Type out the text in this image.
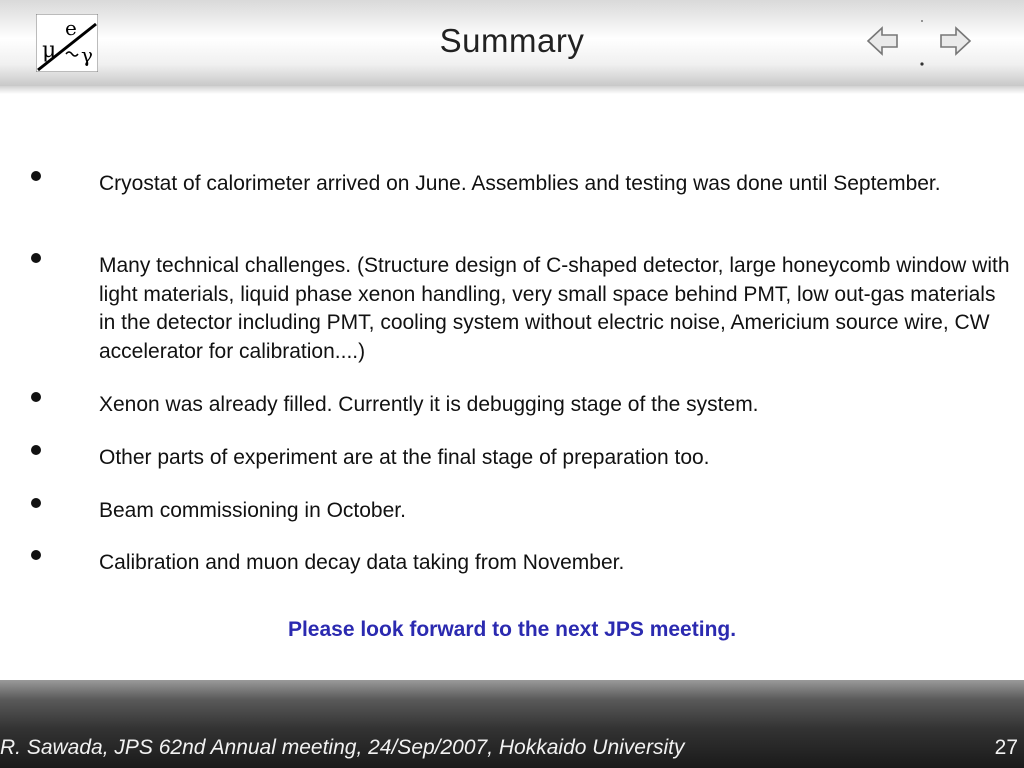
μ
e
γ	Summary
Cryostat of calorimeter arrived on June. Assemblies and testing was done until September.
Many technical challenges. (Structure design of C-shaped detector, large honeycomb window with light materials, liquid phase xenon handling, very small space behind PMT, low out-gas materials in the detector including PMT, cooling system without electric noise, Americium source wire, CW accelerator for calibration....)
Xenon was already filled. Currently it is debugging stage of the system.
Other parts of experiment are at the final stage of preparation too.
Beam commissioning in October.
Calibration and muon decay data taking from November.
Please look forward to the next JPS meeting.
R. Sawada, JPS 62nd Annual meeting, 24/Sep/2007, Hokkaido University	27
